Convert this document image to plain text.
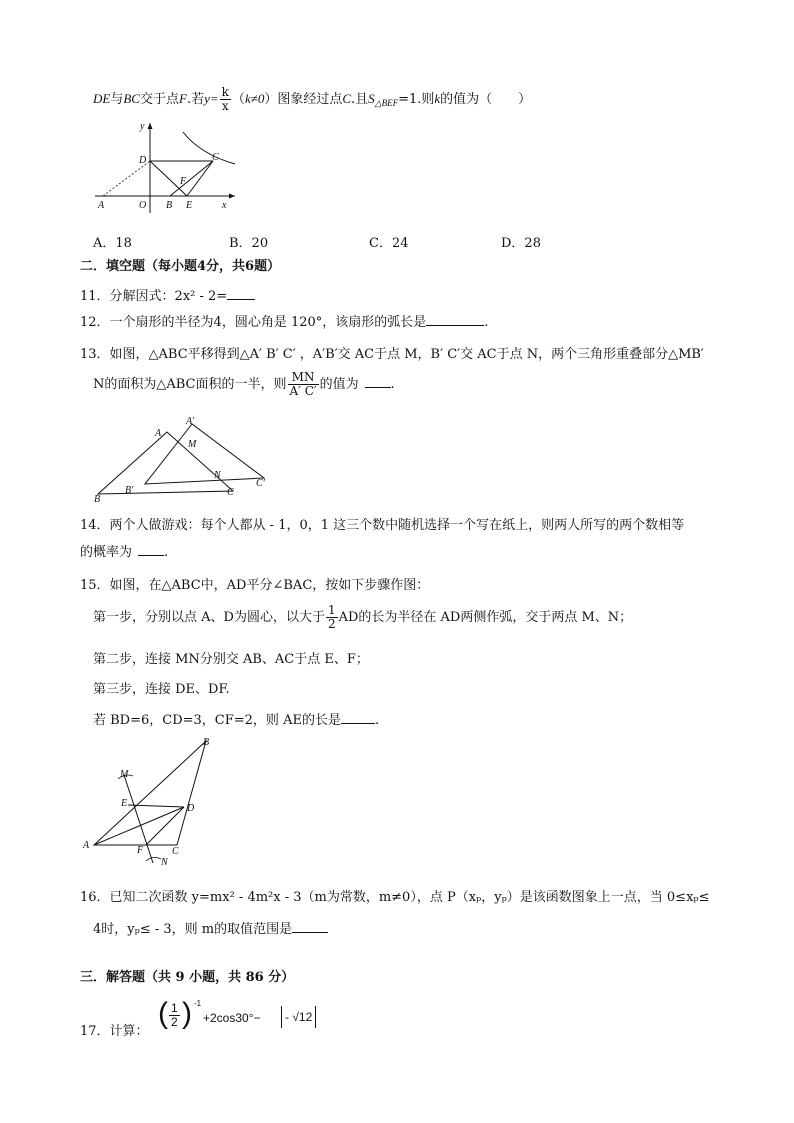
DE与BC交于点F.若$y= \frac{k}{x} (k\ne 0)$图象经过点C.且$S_{\triangle BEF}=1$.则k的值为（　　）
y
D	C
F
A	O B E	x
A．18	B．20	C．24	D．28
二．填空题（每小题4分，共6题）
11．分解因式：2x² - 2=
12．一个扇形的半径为4，圆心角是 120°，该扇形的弧长是	.
13．如图，△ABC平移得到△A′ B′ C′ ，A′B′交 AC于点 M，B′ C′交 AC于点 N，两个三角形重叠部分△MB′
N的面积为△ABC面积的一半，则 $\frac{MN}{A' C'}$ 的值为 .
A
A′
M
N
C′
B′	C
B
14．两个人做游戏：每个人都从 - 1，0，1 这三个数中随机选择一个写在纸上，则两人所写的两个数相等
的概率为 .
15．如图，在△ABC中，AD平分∠BAC，按如下步骤作图：
第一步，分别以点 A、D为圆心，以大于 $\frac{1}{2}$ AD的长为半径在 AD两侧作弧，交于两点 M、N；
第二步，连接 MN分别交 AB、AC于点 E、F；
第三步，连接 DE、DF.
若 BD=6，CD=3，CF=2，则 AE的长是	.
B
M
E	D
A	F	C
N
16．已知二次函数 y=mx² - 4m²x - 3（m为常数，m≠0），点 P（xₚ，yₚ）是该函数图象上一点，当 0≤xₚ≤
4时，yₚ≤ - 3，则 m的取值范围是
三．解答题（共 9 小题，共 86 分）
17．计算：
( $\frac{1}{2}$ ) -1
+2cos30°−	- √12
